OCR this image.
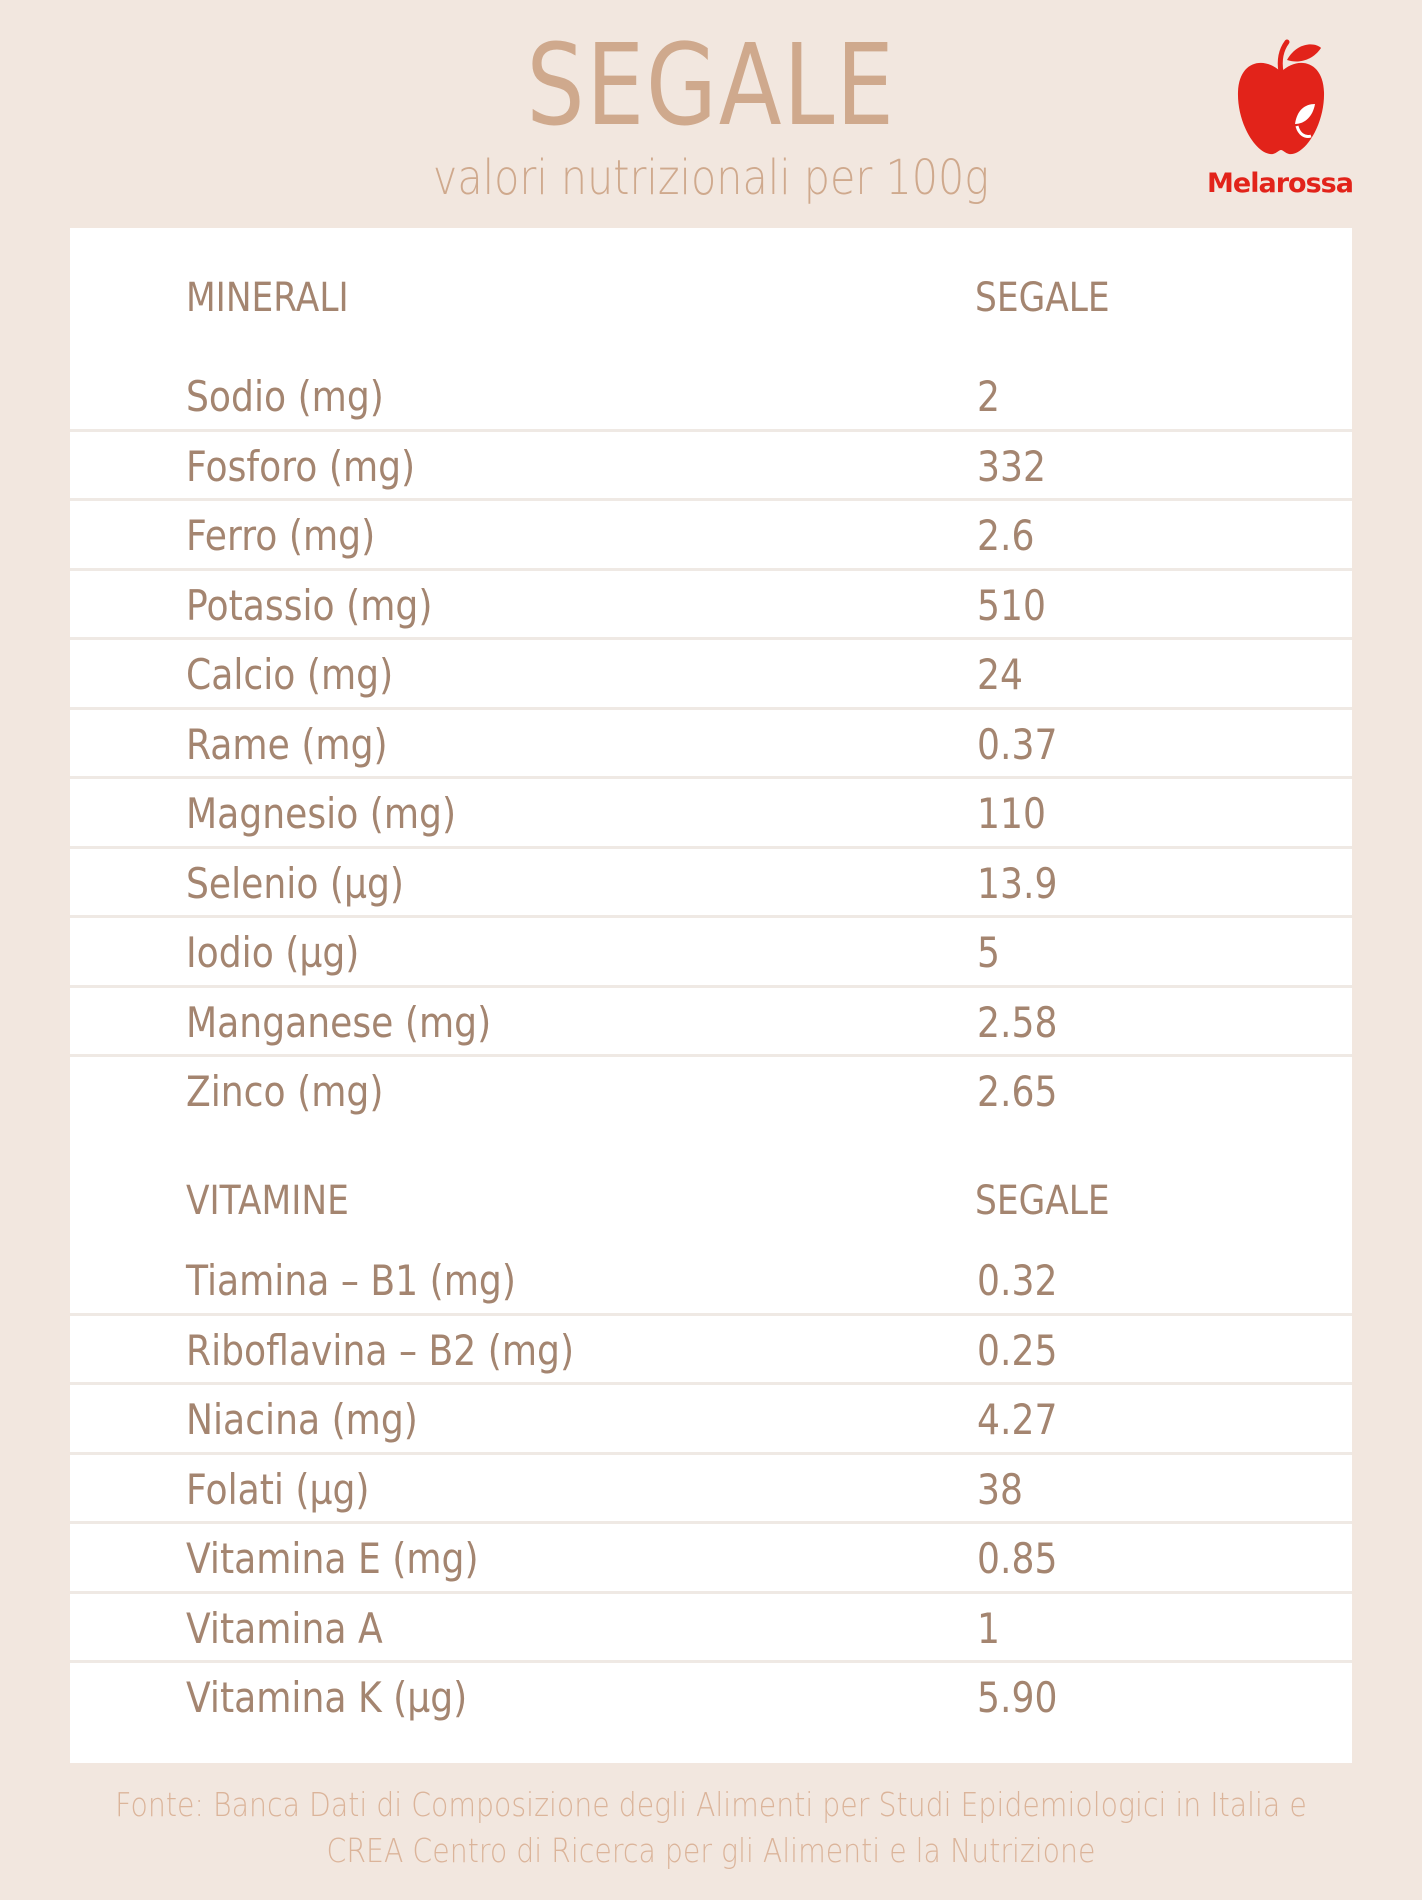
SEGALE
valori nutrizionali per 100g	Melarossa
MINERALI	SEGALE
Sodio (mg)	2
Fosforo (mg)	332
Ferro (mg)	2.6
Potassio (mg)	510
Calcio (mg)	24
Rame (mg)	0.37
Magnesio (mg)	110
Selenio (µg)	13.9
Iodio (µg)	5
Manganese (mg)	2.58
Zinco (mg)	2.65
VITAMINE	SEGALE
Tiamina – B1 (mg)	0.32
Riboflavina – B2 (mg)	0.25
Niacina (mg)	4.27
Folati (µg)	38
Vitamina E (mg)	0.85
Vitamina A	1
Vitamina K (µg)	5.90
Fonte: Banca Dati di Composizione degli Alimenti per Studi Epidemiologici in Italia e
CREA Centro di Ricerca per gli Alimenti e la Nutrizione
